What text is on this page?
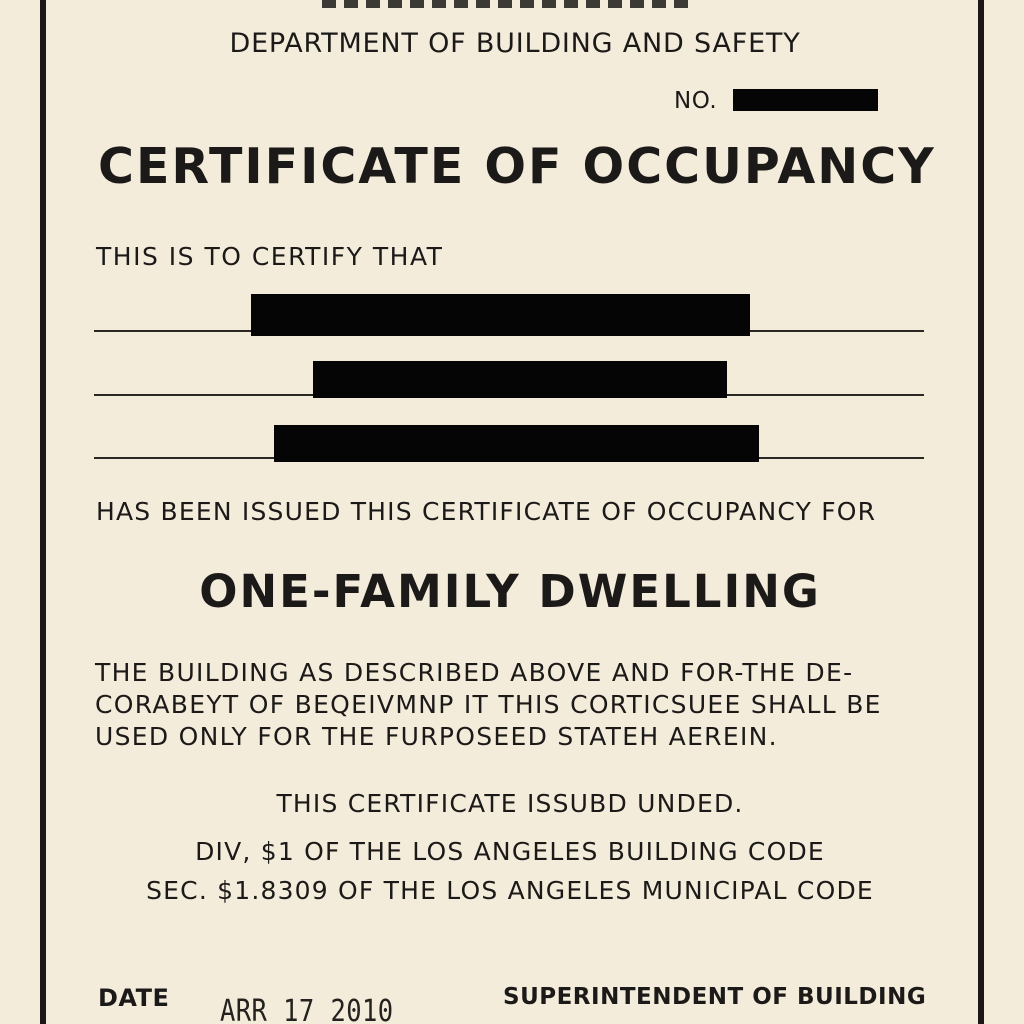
DEPARTMENT OF BUILDING AND SAFETY

NO.

CERTIFICATE OF OCCUPANCY

THIS IS TO CERTIFY THAT

HAS BEEN ISSUED THIS CERTIFICATE OF OCCUPANCY FOR

ONE-FAMILY DWELLING

THE BUILDING AS DESCRIBED ABOVE AND FOR-THE DE-

CORABEYT OF BEQEIVMNP IT THIS CORTICSUEE SHALL BE

USED ONLY FOR THE FURPOSEED STATEH AEREIN.

THIS CERTIFICATE ISSUBD UNDED.

DIV, $1 OF THE LOS ANGELES BUILDING CODE

SEC. $1.8309 OF THE LOS ANGELES MUNICIPAL CODE

DATE ARR 17 2010	SUPERINTENDENT OF BUILDING
